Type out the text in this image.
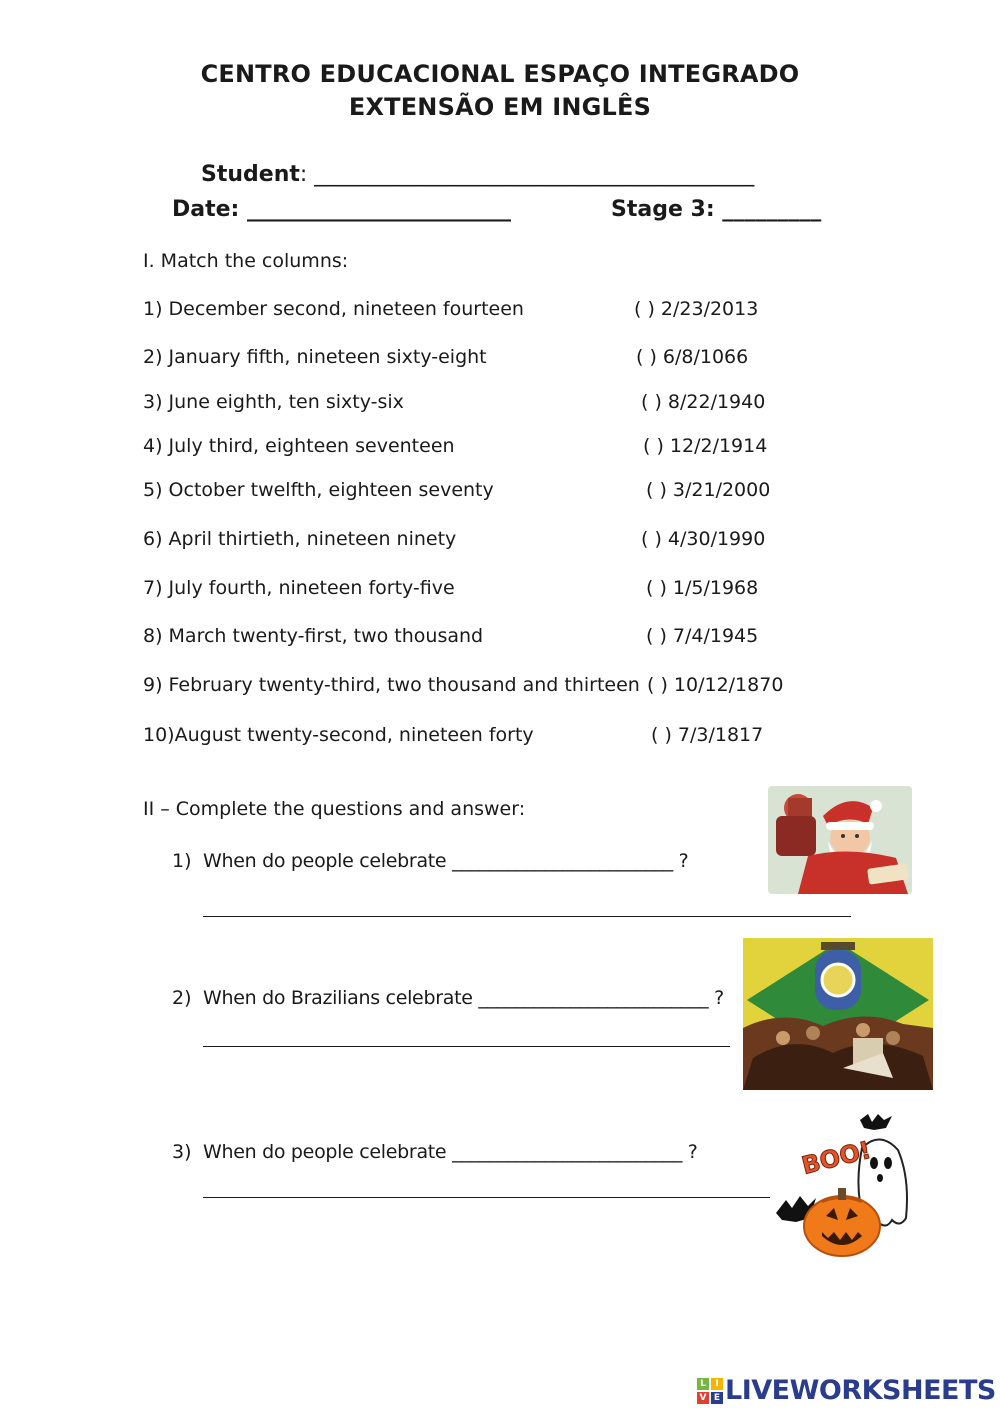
CENTRO EDUCACIONAL ESPAÇO INTEGRADO
EXTENSÃO EM INGLÊS
Student: ________________________________________
Date: ________________________	Stage 3: _________
I. Match the columns:
1) December second, nineteen fourteen	( ) 2/23/2013
2) January fifth, nineteen sixty-eight	( ) 6/8/1066
3) June eighth, ten sixty-six	( ) 8/22/1940
4) July third, eighteen seventeen	( ) 12/2/1914
5) October twelfth, eighteen seventy	( ) 3/21/2000
6) April thirtieth, nineteen ninety	( ) 4/30/1990
7) July fourth, nineteen forty-five	( ) 1/5/1968
8) March twenty-first, two thousand	( ) 7/4/1945
9) February twenty-third, two thousand and thirteen ( ) 10/12/1870
10)August twenty-second, nineteen forty	( ) 7/3/1817
II – Complete the questions and answer:
1) When do people celebrate ________________________ ?
2) When do Brazilians celebrate _________________________ ?
3) When do people celebrate _________________________ ?	BOO!
L	I
V E LIVEWORKSHEETS
